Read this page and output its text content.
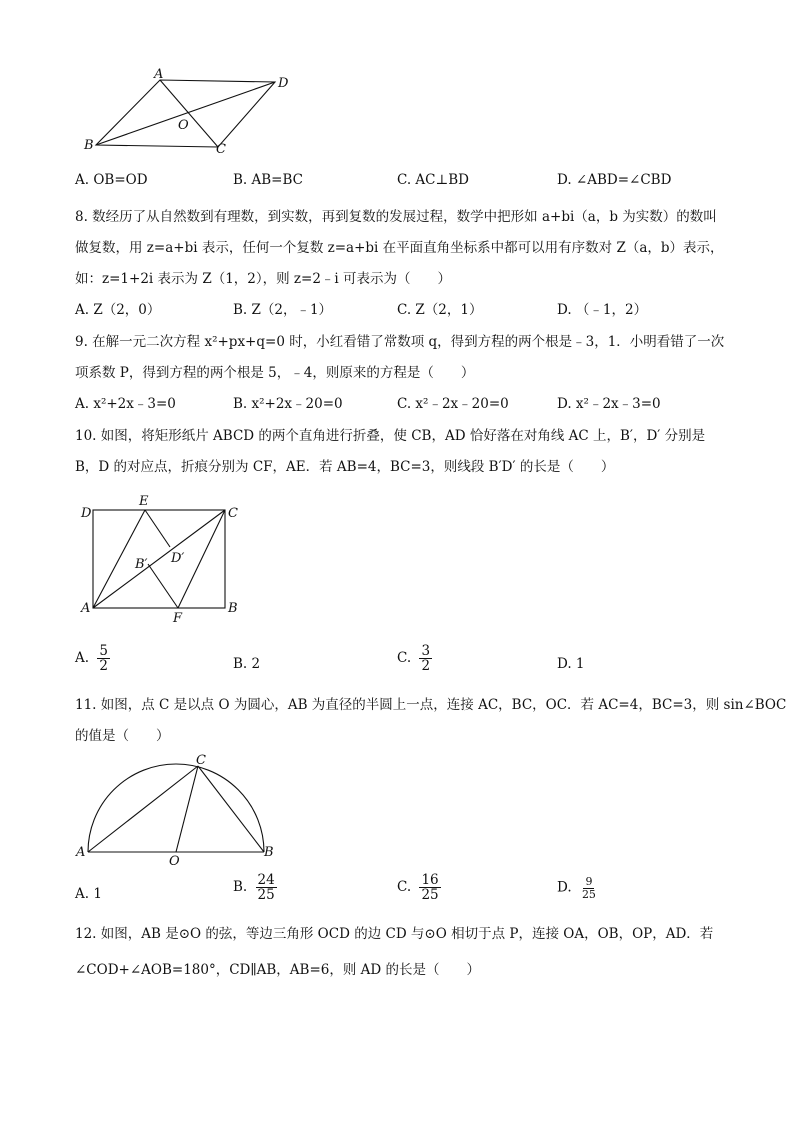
A
D
B	C
O
A. OB=OD	B. AB=BC	C. AC⊥BD	D. ∠ABD=∠CBD
8. 数经历了从自然数到有理数，到实数，再到复数的发展过程，数学中把形如 a+bi（a，b 为实数）的数叫
做复数，用 z=a+bi 表示，任何一个复数 z=a+bi 在平面直角坐标系中都可以用有序数对 Z（a，b）表示，
如：z=1+2i 表示为 Z（1，2），则 z=2﹣i 可表示为（　　）
A. Z（2，0）	B. Z（2，﹣1）	C. Z（2，1）	D. （﹣1，2）
9. 在解一元二次方程 x²+px+q=0 时，小红看错了常数项 q，得到方程的两个根是﹣3，1．小明看错了一次
项系数 P，得到方程的两个根是 5，﹣4，则原来的方程是（　　）
A. x²+2x﹣3=0	B. x²+2x﹣20=0	C. x²﹣2x﹣20=0	D. x²﹣2x﹣3=0
10. 如图，将矩形纸片 ABCD 的两个直角进行折叠，使 CB，AD 恰好落在对角线 AC 上，B′，D′ 分别是
B，D 的对应点，折痕分别为 CF，AE．若 AB=4，BC=3，则线段 B′D′ 的长是（　　）
D	C
A	B
E
F
B′ D′
A. $\frac{5}{2}$	B. 2	C. $\frac{3}{2}$	D. 1
11. 如图，点 C 是以点 O 为圆心，AB 为直径的半圆上一点，连接 AC，BC，OC．若 AC=4，BC=3，则 sin∠BOC
的值是（　　）
A	B
C
O
A. 1	B. $\frac{24}{25}$	C. $\frac{16}{25}$	D. $\frac{9}{25}$
12. 如图，AB 是⊙O 的弦，等边三角形 OCD 的边 CD 与⊙O 相切于点 P，连接 OA，OB，OP，AD．若
∠COD+∠AOB=180°，CD∥AB，AB=6，则 AD 的长是（　　）
